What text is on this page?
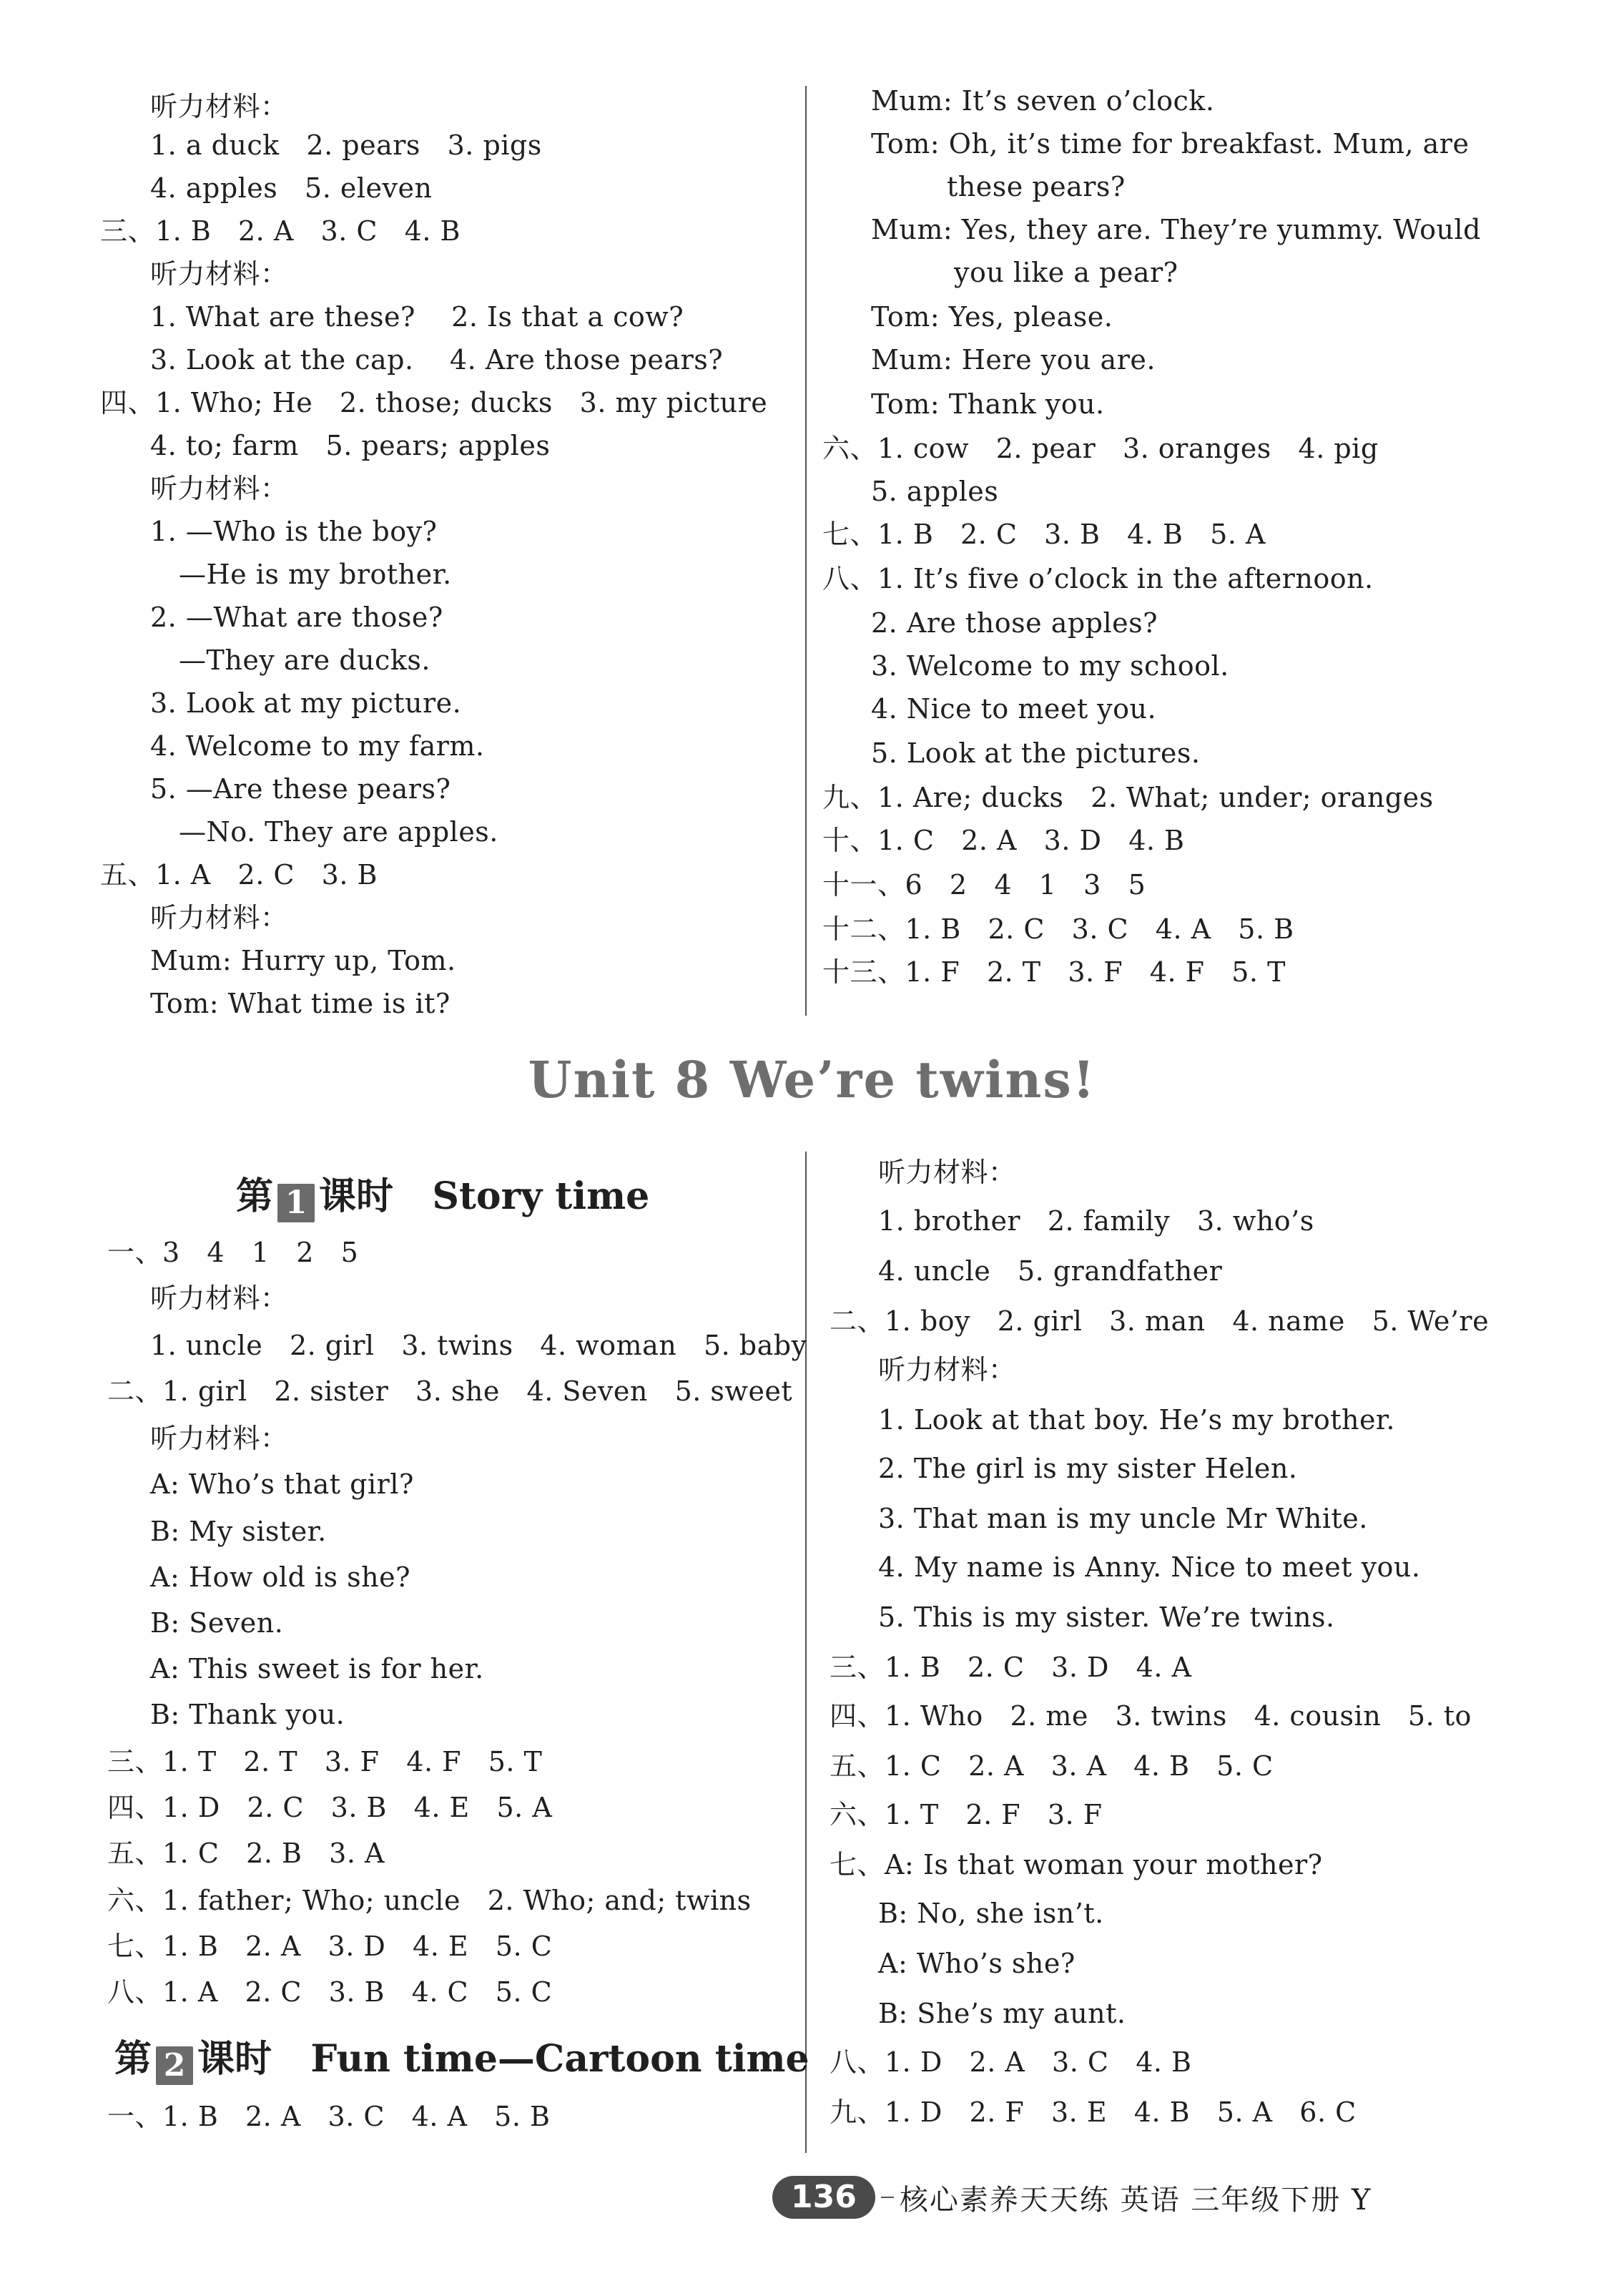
听力材料：
1. a duck   2. pears   3. pigs
4. apples   5. eleven
三、1. B   2. A   3. C   4. B
听力材料：
1. What are these?    2. Is that a cow?
3. Look at the cap.    4. Are those pears?
四、1. Who; He   2. those; ducks   3. my picture
4. to; farm   5. pears; apples
听力材料：
1. —Who is the boy?
—He is my brother.
2. —What are those?
—They are ducks.
3. Look at my picture.
4. Welcome to my farm.
5. —Are these pears?
—No. They are apples.
五、1. A   2. C   3. B
听力材料：
Mum: Hurry up, Tom.
Tom: What time is it?
Mum: It’s seven o’clock.
Tom: Oh, it’s time for breakfast. Mum, are
these pears?
Mum: Yes, they are. They’re yummy. Would
you like a pear?
Tom: Yes, please.
Mum: Here you are.
Tom: Thank you.
六、1. cow   2. pear   3. oranges   4. pig
5. apples
七、1. B   2. C   3. B   4. B   5. A
八、1. It’s five o’clock in the afternoon.
2. Are those apples?
3. Welcome to my school.
4. Nice to meet you.
5. Look at the pictures.
九、1. Are; ducks   2. What; under; oranges
十、1. C   2. A   3. D   4. B
十一、6   2   4   1   3   5
十二、1. B   2. C   3. C   4. A   5. B
十三、1. F   2. T   3. F   4. F   5. T
Unit 8 We’re twins!
第 1 课时   Story time
一、3   4   1   2   5
听力材料：
1. uncle   2. girl   3. twins   4. woman   5. baby
二、1. girl   2. sister   3. she   4. Seven   5. sweet
听力材料：
A: Who’s that girl?
B: My sister.
A: How old is she?
B: Seven.
A: This sweet is for her.
B: Thank you.
三、1. T   2. T   3. F   4. F   5. T
四、1. D   2. C   3. B   4. E   5. A
五、1. C   2. B   3. A
六、1. father; Who; uncle   2. Who; and; twins
七、1. B   2. A   3. D   4. E   5. C
八、1. A   2. C   3. B   4. C   5. C
第 2 课时   Fun time—Cartoon time
一、1. B   2. A   3. C   4. A   5. B
听力材料：
1. brother   2. family   3. who’s
4. uncle   5. grandfather
二、1. boy   2. girl   3. man   4. name   5. We’re
听力材料：
1. Look at that boy. He’s my brother.
2. The girl is my sister Helen.
3. That man is my uncle Mr White.
4. My name is Anny. Nice to meet you.
5. This is my sister. We’re twins.
三、1. B   2. C   3. D   4. A
四、1. Who   2. me   3. twins   4. cousin   5. to
五、1. C   2. A   3. A   4. B   5. C
六、1. T   2. F   3. F
七、A: Is that woman your mother?
B: No, she isn’t.
A: Who’s she?
B: She’s my aunt.
八、1. D   2. A   3. C   4. B
九、1. D   2. F   3. E   4. B   5. A   6. C
136	核心素养天天练 英语 三年级下册 Y
